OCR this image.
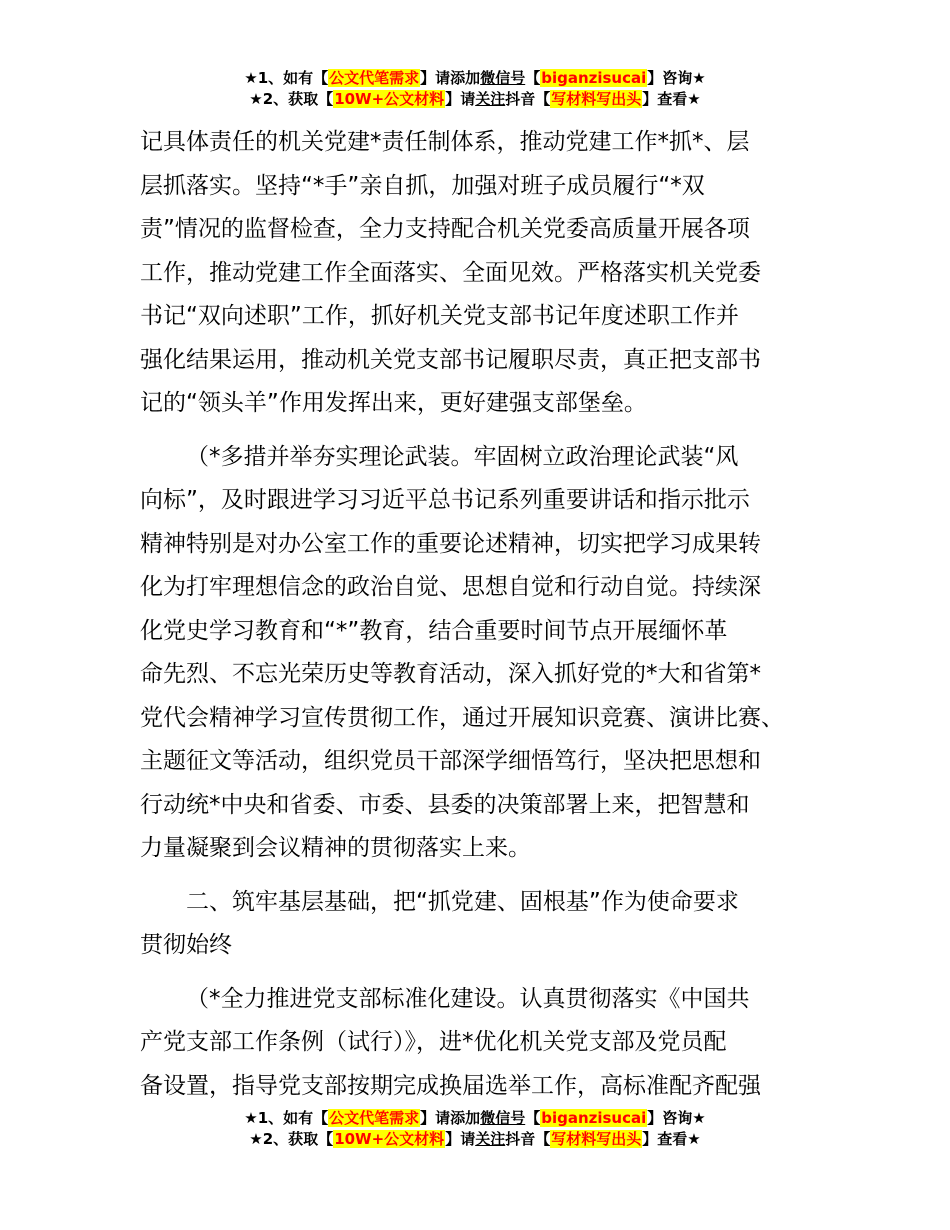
★1、如有【公文代笔需求】请添加微信号【biganzisucai】咨询★
★2、获取【10W+公文材料】请关注抖音【写材料写出头】查看★
记具体责任的机关党建*责任制体系，推动党建工作*抓*、层
层抓落实。坚持“*手”亲自抓，加强对班子成员履行“*双
责”情况的监督检查，全力支持配合机关党委高质量开展各项
工作，推动党建工作全面落实、全面见效。严格落实机关党委
书记“双向述职”工作，抓好机关党支部书记年度述职工作并
强化结果运用，推动机关党支部书记履职尽责，真正把支部书
记的“领头羊”作用发挥出来，更好建强支部堡垒。
（*多措并举夯实理论武装。牢固树立政治理论武装“风
向标”，及时跟进学习习近平总书记系列重要讲话和指示批示
精神特别是对办公室工作的重要论述精神，切实把学习成果转
化为打牢理想信念的政治自觉、思想自觉和行动自觉。持续深
化党史学习教育和“*”教育，结合重要时间节点开展缅怀革
命先烈、不忘光荣历史等教育活动，深入抓好党的*大和省第*
党代会精神学习宣传贯彻工作，通过开展知识竞赛、演讲比赛、
主题征文等活动，组织党员干部深学细悟笃行，坚决把思想和
行动统*中央和省委、市委、县委的决策部署上来，把智慧和
力量凝聚到会议精神的贯彻落实上来。
二、筑牢基层基础，把“抓党建、固根基”作为使命要求
贯彻始终
（*全力推进党支部标准化建设。认真贯彻落实《中国共
产党支部工作条例（试行）》，进*优化机关党支部及党员配
备设置，指导党支部按期完成换届选举工作，高标准配齐配强
★1、如有【公文代笔需求】请添加微信号【biganzisucai】咨询★
★2、获取【10W+公文材料】请关注抖音【写材料写出头】查看★
